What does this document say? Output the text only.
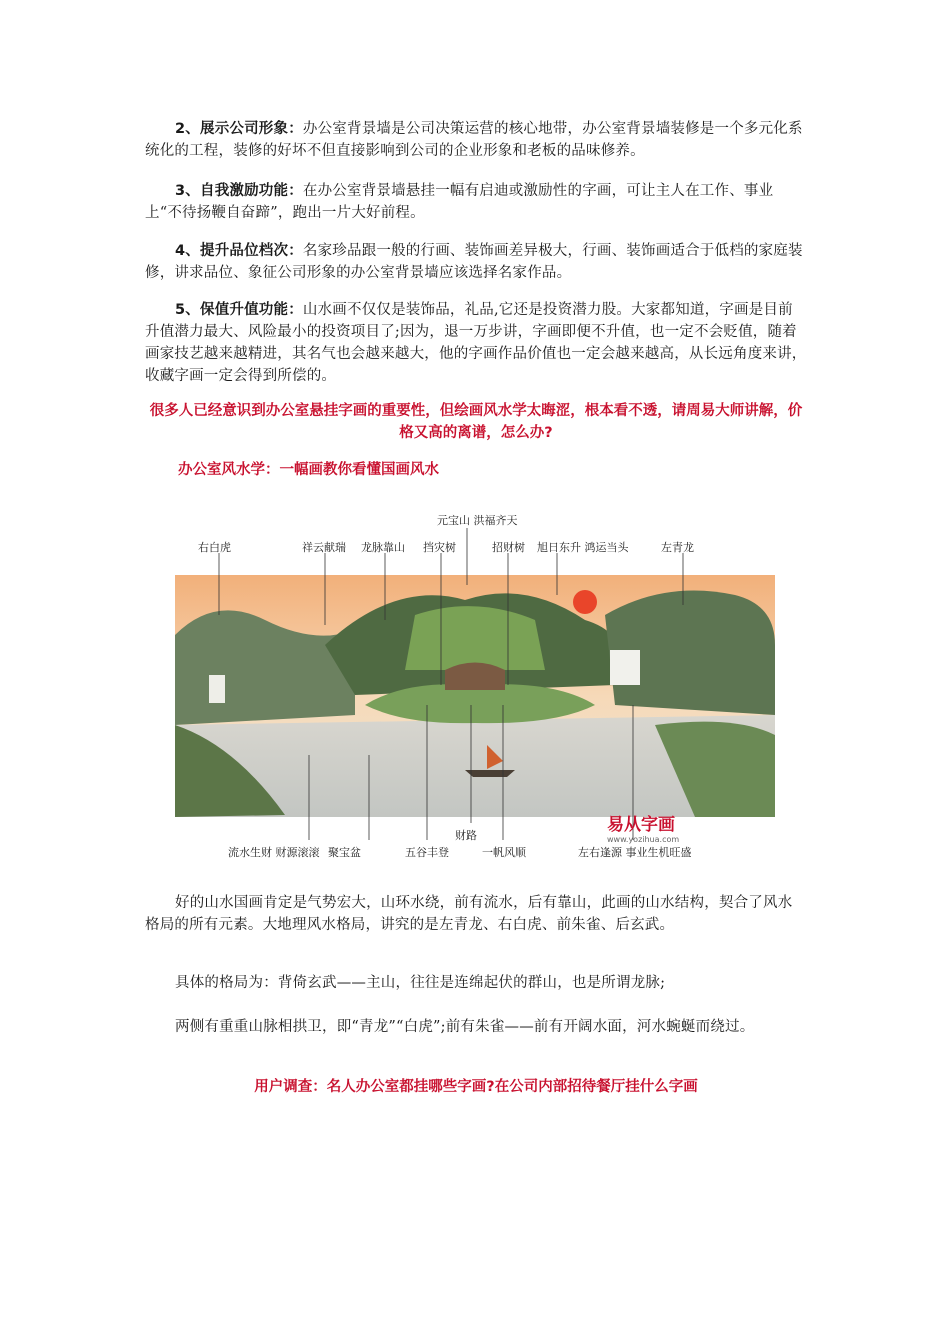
2、展示公司形象：办公室背景墙是公司决策运营的核心地带，办公室背景墙装修是一个多元化系统化的工程，装修的好坏不但直接影响到公司的企业形象和老板的品味修养。

3、自我激励功能：在办公室背景墙悬挂一幅有启迪或激励性的字画，可让主人在工作、事业上“不待扬鞭自奋蹄”，跑出一片大好前程。

4、提升品位档次：名家珍品跟一般的行画、装饰画差异极大，行画、装饰画适合于低档的家庭装修，讲求品位、象征公司形象的办公室背景墙应该选择名家作品。

5、保值升值功能：山水画不仅仅是装饰品，礼品,它还是投资潜力股。大家都知道，字画是目前升值潜力最大、风险最小的投资项目了;因为，退一万步讲，字画即便不升值，也一定不会贬值，随着画家技艺越来越精进，其名气也会越来越大，他的字画作品价值也一定会越来越高，从长远角度来讲，收藏字画一定会得到所偿的。

很多人已经意识到办公室悬挂字画的重要性，但绘画风水学太晦涩，根本看不透，请周易大师讲解，价格又高的离谱，怎么办?

办公室风水学：一幅画教你看懂国画风水

元宝山 洪福齐天
右白虎	祥云献瑞 龙脉靠山 挡灾树	招财树 旭日东升 鸿运当头	左青龙
流水生财 财源滚滚 聚宝盆	五谷丰登
财路
一帆风顺	左右逢源 事业生机旺盛
易从字画
www.yozihua.com

好的山水国画肯定是气势宏大，山环水绕，前有流水，后有靠山，此画的山水结构，契合了风水格局的所有元素。大地理风水格局，讲究的是左青龙、右白虎、前朱雀、后玄武。

具体的格局为：背倚玄武——主山，往往是连绵起伏的群山，也是所谓龙脉;

两侧有重重山脉相拱卫，即“青龙”“白虎”;前有朱雀——前有开阔水面，河水蜿蜒而绕过。

用户调查：名人办公室都挂哪些字画?在公司内部招待餐厅挂什么字画
